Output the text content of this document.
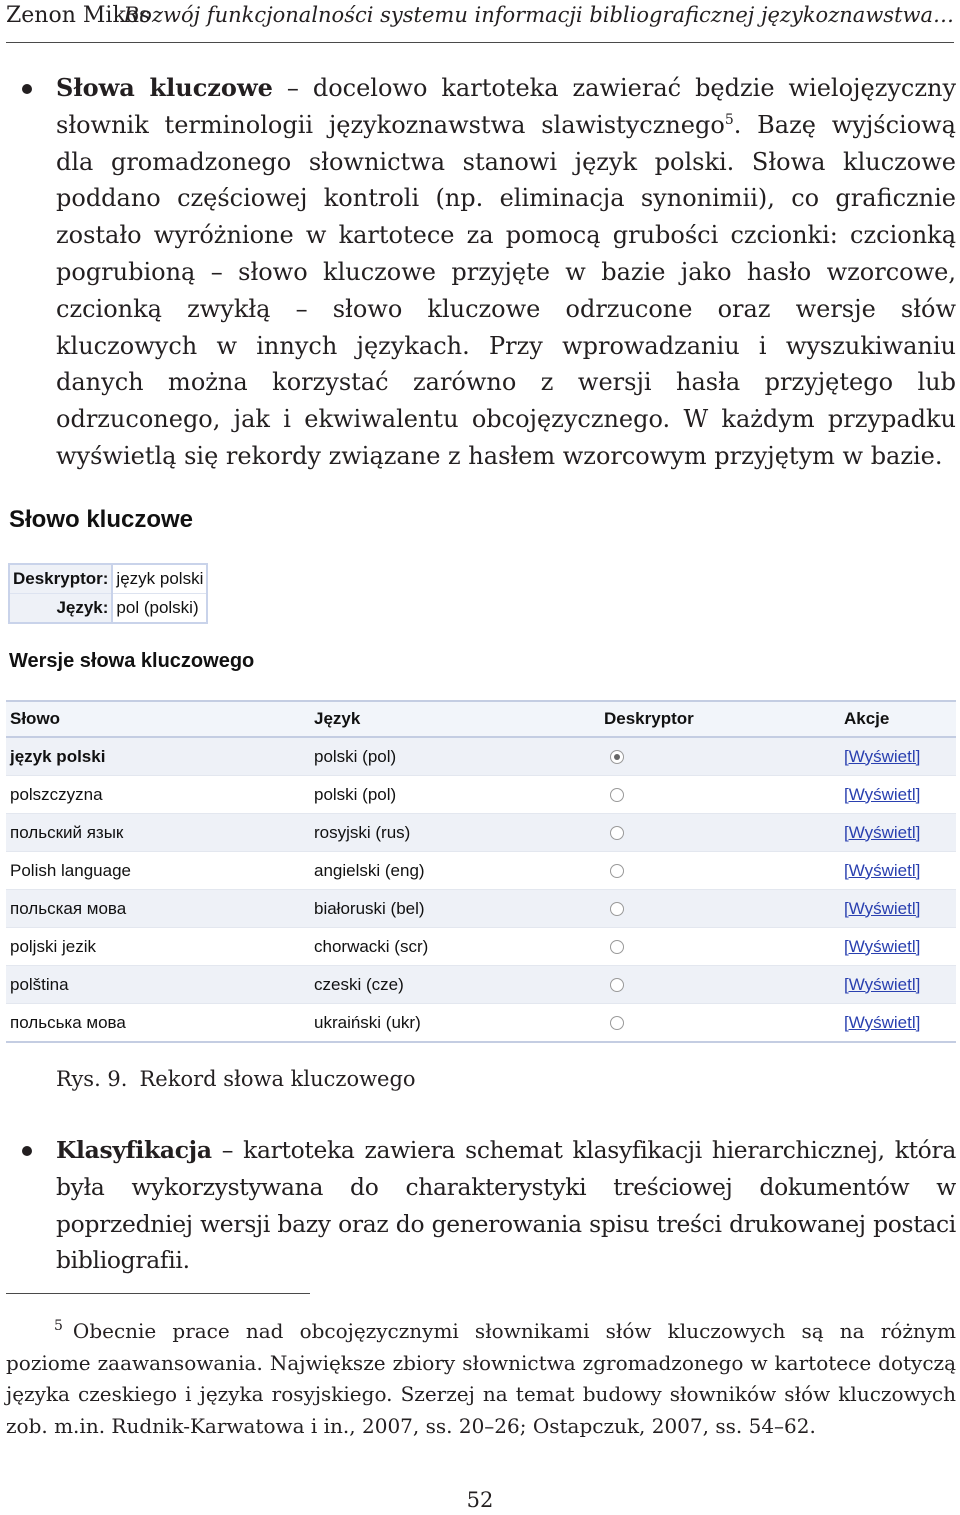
Zenon Mikos
Rozwój funkcjonalności systemu informacji bibliograficznej językoznawstwa…

Słowa kluczowe – docelowo kartoteka zawierać będzie wielojęzyczny słownik terminologii językoznawstwa slawistycznego$^5$. Bazę wyjściową dla gromadzonego słownictwa stanowi język polski. Słowa kluczowe poddano częściowej kontroli (np. eliminacja synonimii), co graficznie zostało wyróżnione w kartotece za pomocą grubości czcionki: czcionką pogrubioną – słowo kluczowe przyjęte w bazie jako hasło wzorcowe, czcionką zwykłą – słowo kluczowe odrzucone oraz wersje słów kluczowych w innych językach. Przy wprowadzaniu i wyszukiwaniu danych można korzystać zarówno z wersji hasła przyjętego lub odrzuconego, jak i ekwiwalentu obcojęzycznego. W każdym przypadku wyświetlą się rekordy związane z hasłem wzorcowym przyjętym w bazie.

Słowo kluczowe
Deskryptor:	język polski
Język:	pol (polski)
Wersje słowa kluczowego
Słowo	Język	Deskryptor	Akcje
język polski	polski (pol)		[Wyświetl]
polszczyzna	polski (pol)		[Wyświetl]
польский язык	rosyjski (rus)		[Wyświetl]
Polish language	angielski (eng)		[Wyświetl]
польская мова	białoruski (bel)		[Wyświetl]
poljski jezik	chorwacki (scr)		[Wyświetl]
polština	czeski (cze)		[Wyświetl]
польська мова	ukraiński (ukr)		[Wyświetl]
Rys. 9. Rekord słowa kluczowego

Klasyfikacja – kartoteka zawiera schemat klasyfikacji hierarchicznej, która była wykorzystywana do charakterystyki treściowej dokumentów w poprzedniej wersji bazy oraz do generowania spisu treści drukowanej postaci bibliografii.

$^5$ Obecnie prace nad obcojęzycznymi słownikami słów kluczowych są na różnym poziome zaawansowania. Największe zbiory słownictwa zgromadzonego w kartotece dotyczą języka czeskiego i języka rosyjskiego. Szerzej na temat budowy słowników słów kluczowych zob. m.in. Rudnik-Karwatowa i in., 2007, ss. 20–26; Ostapczuk, 2007, ss. 54–62.

52
